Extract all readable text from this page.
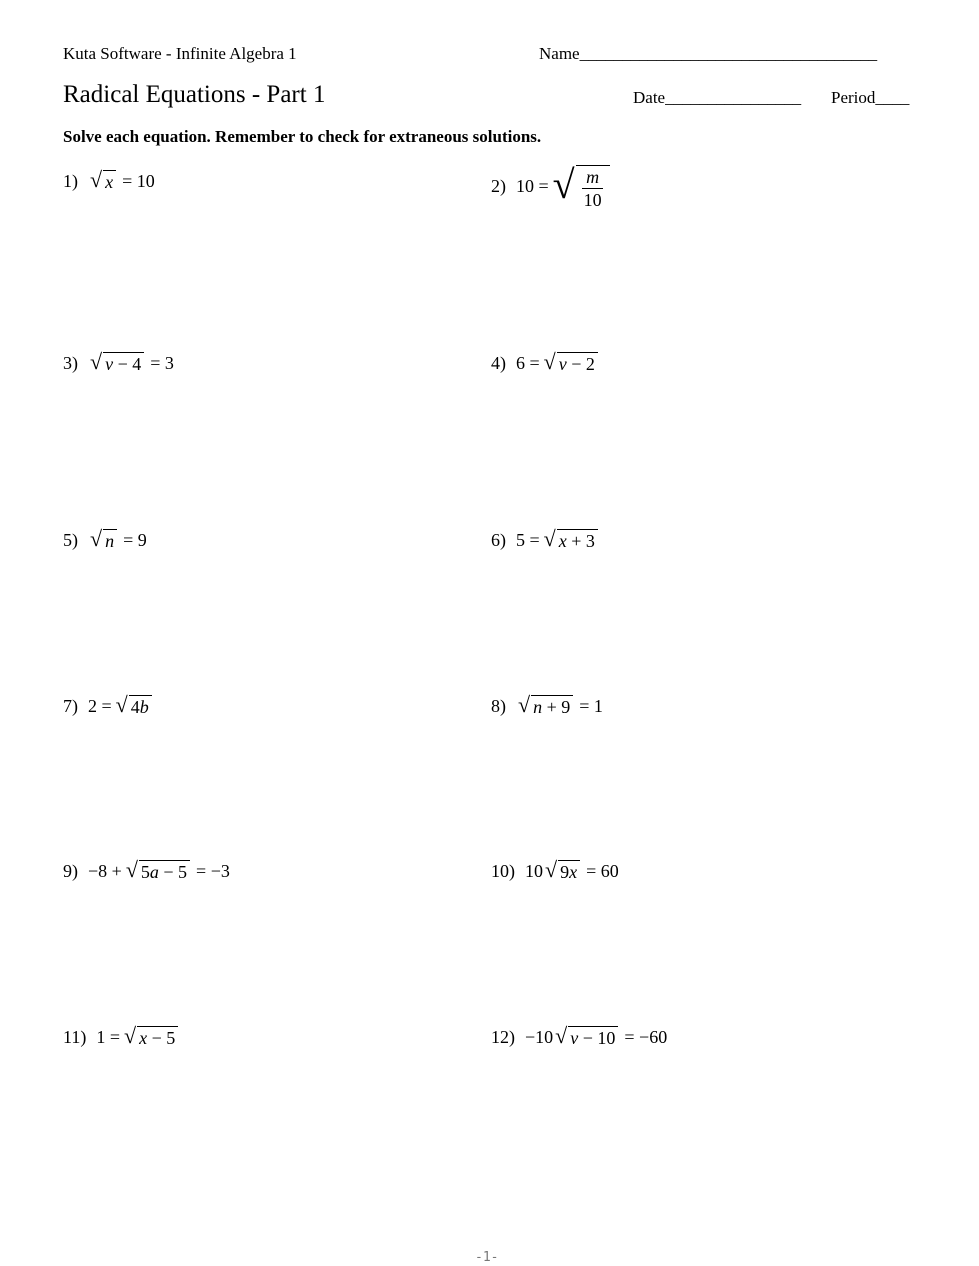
Kuta Software - Infinite Algebra 1	Name___________________________________
Radical Equations - Part 1	Date________________ Period____
Solve each equation. Remember to check for extraneous solutions.
1) √ x = 10	2) 10 = √ $\frac{m}{10}$
3) √ v − 4 = 3	4) 6 = √ v − 2
5) √ n = 9	6) 5 = √ x + 3
7) 2 = √ 4b	8) √ n + 9 = 1
9) −8 + √ 5a − 5 = −3	10) 10 √ 9x = 60
11) 1 = √ x − 5	12) −10 √ v − 10 = −60
-1-
